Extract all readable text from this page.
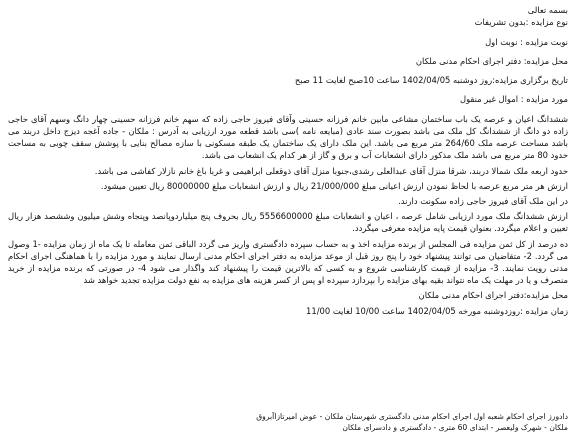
بسمه تعالی
نوع مزایده :بدون تشریفات
نوبت مزایده : نوبت اول
محل مزایده: دفتر اجرای احکام مدنی ملکان
تاریخ برگزاری مزایده:روز دوشنبه 1402/04/05 ساعت 10صبح لغایت 11 صبح
مورد مزایده : اموال غیر منقول
ششدانگ اعیان و عرصه یک باب ساختمان مشاعی مابین خانم فرزانه حسینی وآقای فیروز حاجی زاده که سهم خانم فرزانه حسینی چهار دانگ وسهم آقای حاجی زاده دو دانگ از ششدانگ کل ملک می باشد بصورت سند عادی (مبایعه نامه )سی باشد قطعه مورد ارزیابی به آدرس : ملکان - جاده آغجه دیزج داخل دربند می باشد مساحت عرصه ملک 264/60 متر مربع می باشد. این ملک دارای یک ساختمان یک طبقه مسکونی با سازه مصالح بنایی با پوشش سقف چوبی به مساحت حدود 80 متر مربع می باشد ملک مذکور دارای انشعابات آب و برق و گاز از هر کدام یک انشعاب می باشد.
حدود اربعه ملک شمالا دربند، شرقا منزل آقای عبدالعلی رشدی،جنوبا منزل آقای ذوقعلی ابراهیمی و غربا باغ خانم نازلار کفاشی می باشد.
ارزش هر متر مربع عرصه با لحاظ نمودن ارزش اعیانی مبلغ 21/000/000 ریال و ارزش انشعابات مبلغ 80000000 ریال تعیین میشود.
در این ملک آقای فیروز حاجی زاده سکونت دارند.
ارزش ششدانگ ملک مورد ارزیابی شامل عرصه ، اعیان و انشعابات مبلغ 5556600000 ریال بحروف پنج میلیاردوپانصد وپنجاه وشش میلیون وششصد هزار ریال تعیین و اعلام میگردد. بعنوان قیمت پایه مزایده معرفی میگردد.
ده درصد از کل ثمن مزایده فی المجلس از برنده مزایده اخذ و به حساب سپرده دادگستری واریز می گردد الباقی ثمن معامله تا یک ماه از زمان مزایده -1 وصول می گردد. 2- متقاضیان می توانند پیشنهاد خود را پنج روز قبل از موعد مزایده به دفتر اجرای احکام مدنی ارسال نمایند و مورد مزایده را با هماهنگی اجرای احکام مدنی رویت نمایند. 3- مزایده از قیمت کارشناسی شروع و به کسی که بالاترین قیمت را پیشنهاد کند واگذار می شود 4- در صورتی که برنده مزایده از خرید منصرف و یا در مهلت یک ماه نتواند بقیه بهای مزایده را بپردازد سپرده او پس از کسر هزینه های مزایده به نفع دولت مزایده تجدید خواهد شد
محل مزایده:دفتر اجرای احکام مدنی ملکان
زمان مزایده :روزدوشنبه مورخه 1402/04/05 ساعت 10/00 لغایت 11/00
دادورز اجرای احکام شعبه اول اجرای احکام مدنی دادگستری شهرستان ملکان - عوض امیرتازاآبروق
ملکان - شهرک ولیعصر - ابتدای 60 متری - دادگستری و دادسرای ملکان
